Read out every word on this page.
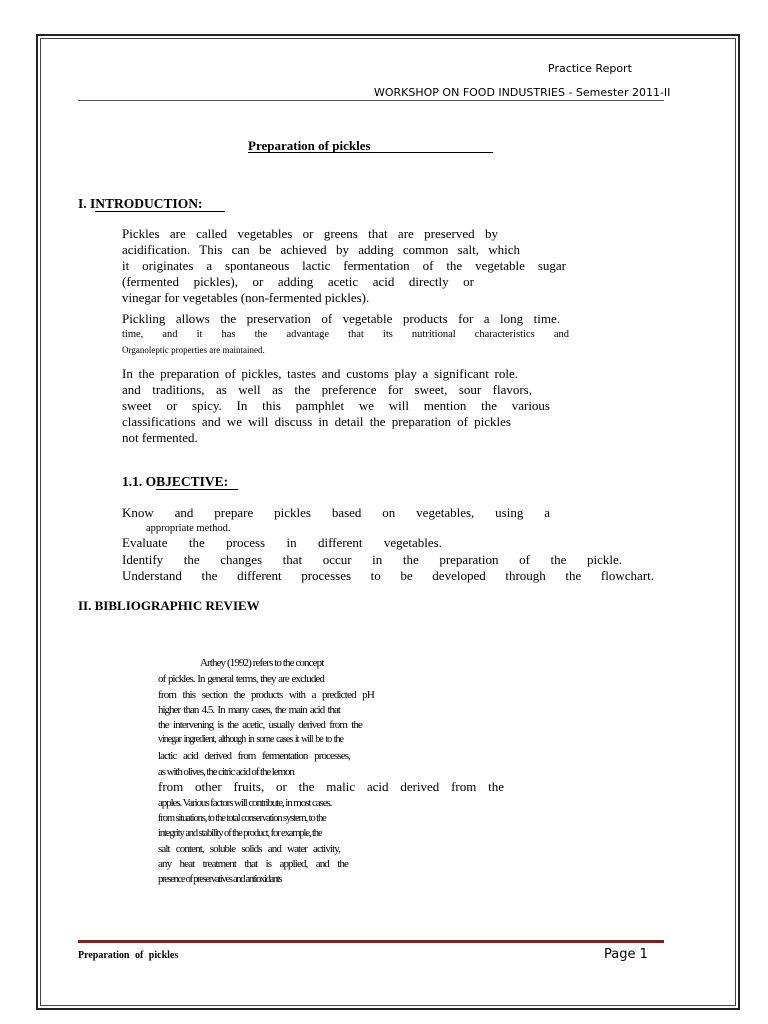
Practice Report
WORKSHOP ON FOOD INDUSTRIES - Semester 2011-II
Preparation of pickles
I. INTRODUCTION:
Pickles are called vegetables or greens that are preserved by
acidification. This can be achieved by adding common salt, which
it originates a spontaneous lactic fermentation of the vegetable sugar
(fermented pickles), or adding acetic acid directly or
vinegar for vegetables (non-fermented pickles).
Pickling allows the preservation of vegetable products for a long time.
time, and it has the advantage that its nutritional characteristics and
Organoleptic properties are maintained.
In the preparation of pickles, tastes and customs play a significant role.
and traditions, as well as the preference for sweet, sour flavors,
sweet or spicy. In this pamphlet we will mention the various
classifications and we will discuss in detail the preparation of pickles
not fermented.
1.1. OBJECTIVE:
Know and prepare pickles based on vegetables, using a
appropriate method.
Evaluate the process in different vegetables.
Identify the changes that occur in the preparation of the pickle.
Understand the different processes to be developed through the flowchart.
II. BIBLIOGRAPHIC REVIEW
Arthey (1992) refers to the concept
of pickles. In general terms, they are excluded
from this section the products with a predicted pH
higher than 4.5. In many cases, the main acid that
the intervening is the acetic, usually derived from the
vinegar ingredient, although in some cases it will be to the
lactic acid derived from fermentation processes,
as with olives, the citric acid of the lemon
from other fruits, or the malic acid derived from the
apples. Various factors will contribute, in most cases.
from situations, to the total conservation system, to the
integrity and stability of the product, for example, the
salt content, soluble solids and water activity,
any heat treatment that is applied, and the
presence of preservatives and antioxidants
Preparation of pickles	Page 1
